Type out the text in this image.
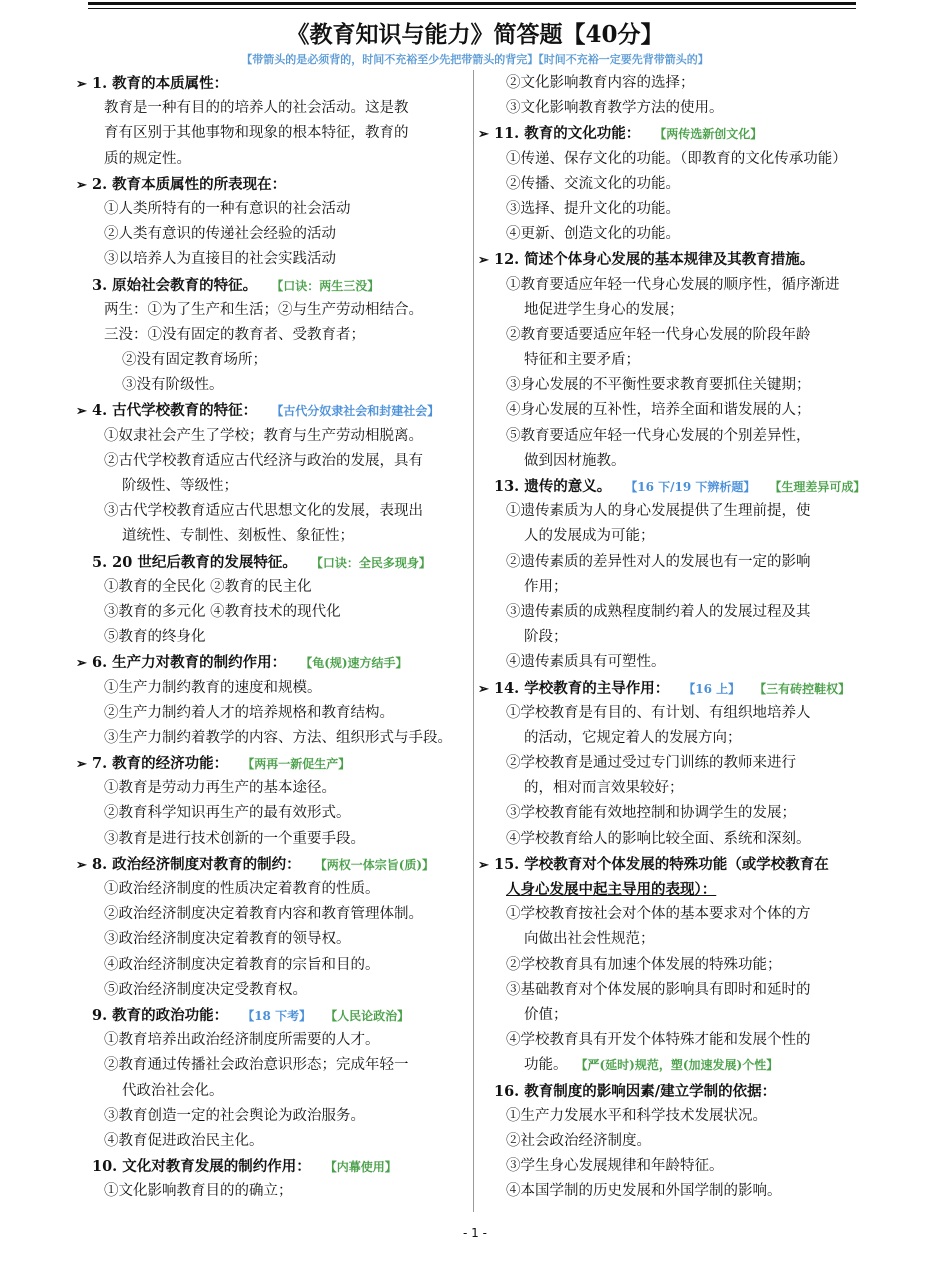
《教育知识与能力》简答题【40分】
【带箭头的是必须背的，时间不充裕至少先把带箭头的背完】【时间不充裕一定要先背带箭头的】
➢ 1. 教育的本质属性：
教育是一种有目的的培养人的社会活动。这是教
育有区别于其他事物和现象的根本特征，教育的
质的规定性。
➢ 2. 教育本质属性的所表现在：
①人类所特有的一种有意识的社会活动
②人类有意识的传递社会经验的活动
③以培养人为直接目的社会实践活动
3. 原始社会教育的特征。 【口诀：两生三没】
两生：①为了生产和生活；②与生产劳动相结合。
三没：①没有固定的教育者、受教育者；
②没有固定教育场所；
③没有阶级性。
➢ 4. 古代学校教育的特征： 【古代分奴隶社会和封建社会】
①奴隶社会产生了学校；教育与生产劳动相脱离。
②古代学校教育适应古代经济与政治的发展，具有
阶级性、等级性；
③古代学校教育适应古代思想文化的发展，表现出
道统性、专制性、刻板性、象征性；
5. 20 世纪后教育的发展特征。 【口诀：全民多现身】
①教育的全民化 ②教育的民主化
③教育的多元化 ④教育技术的现代化
⑤教育的终身化
➢ 6. 生产力对教育的制约作用： 【龟(规)速方结手】
①生产力制约教育的速度和规模。
②生产力制约着人才的培养规格和教育结构。
③生产力制约着教学的内容、方法、组织形式与手段。
➢ 7. 教育的经济功能： 【两再一新促生产】
①教育是劳动力再生产的基本途径。
②教育科学知识再生产的最有效形式。
③教育是进行技术创新的一个重要手段。
➢ 8. 政治经济制度对教育的制约： 【两权一体宗旨(质)】
①政治经济制度的性质决定着教育的性质。
②政治经济制度决定着教育内容和教育管理体制。
③政治经济制度决定着教育的领导权。
④政治经济制度决定着教育的宗旨和目的。
⑤政治经济制度决定受教育权。
9. 教育的政治功能： 【18 下考】 【人民论政治】
①教育培养出政治经济制度所需要的人才。
②教育通过传播社会政治意识形态；完成年轻一
代政治社会化。
③教育创造一定的社会舆论为政治服务。
④教育促进政治民主化。
10. 文化对教育发展的制约作用： 【内幕使用】
①文化影响教育目的的确立；
②文化影响教育内容的选择；
③文化影响教育教学方法的使用。
➢ 11. 教育的文化功能： 【两传选新创文化】
①传递、保存文化的功能。（即教育的文化传承功能）
②传播、交流文化的功能。
③选择、提升文化的功能。
④更新、创造文化的功能。
➢ 12. 简述个体身心发展的基本规律及其教育措施。
①教育要适应年轻一代身心发展的顺序性，循序渐进
地促进学生身心的发展；
②教育要适要适应年轻一代身心发展的阶段年龄
特征和主要矛盾；
③身心发展的不平衡性要求教育要抓住关键期；
④身心发展的互补性，培养全面和谐发展的人；
⑤教育要适应年轻一代身心发展的个别差异性，
做到因材施教。
13. 遗传的意义。 【16 下/19 下辨析题】 【生理差异可成】
①遗传素质为人的身心发展提供了生理前提，使
人的发展成为可能；
②遗传素质的差异性对人的发展也有一定的影响
作用；
③遗传素质的成熟程度制约着人的发展过程及其
阶段；
④遗传素质具有可塑性。
➢ 14. 学校教育的主导作用： 【16 上】 【三有砖控鞋权】
①学校教育是有目的、有计划、有组织地培养人
的活动，它规定着人的发展方向；
②学校教育是通过受过专门训练的教师来进行
的，相对而言效果较好；
③学校教育能有效地控制和协调学生的发展；
④学校教育给人的影响比较全面、系统和深刻。
➢ 15. 学校教育对个体发展的特殊功能（或学校教育在
人身心发展中起主导用的表现）：
①学校教育按社会对个体的基本要求对个体的方
向做出社会性规范；
②学校教育具有加速个体发展的特殊功能；
③基础教育对个体发展的影响具有即时和延时的
价值；
④学校教育具有开发个体特殊才能和发展个性的
功能。 【严(延时)规范，塑(加速发展)个性】
16. 教育制度的影响因素/建立学制的依据：
①生产力发展水平和科学技术发展状况。
②社会政治经济制度。
③学生身心发展规律和年龄特征。
④本国学制的历史发展和外国学制的影响。
- 1 -
